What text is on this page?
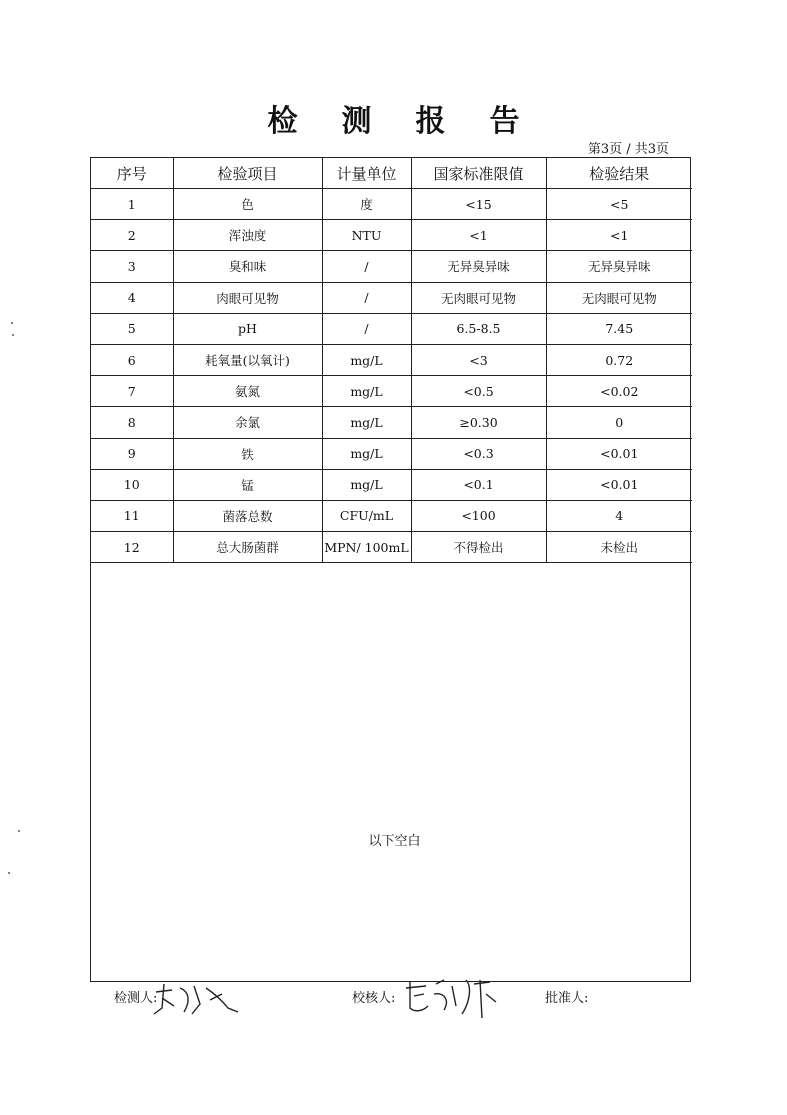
检 测 报 告
第3页 / 共3页
序号	检验项目	计量单位	国家标准限值	检验结果
1	色	度	<15	<5
2	浑浊度	NTU	<1	<1
3	臭和味	/	无异臭异味	无异臭异味
4	肉眼可见物	/	无肉眼可见物	无肉眼可见物
5	pH	/	6.5-8.5	7.45
6	耗氧量(以氧计)	mg/L	<3	0.72
7	氨氮	mg/L	<0.5	<0.02
8	余氯	mg/L	≥0.30	0
9	铁	mg/L	<0.3	<0.01
10	锰	mg/L	<0.1	<0.01
11	菌落总数	CFU/mL	<100	4
12	总大肠菌群	MPN/ 100mL	不得检出	未检出
以下空白
检测人:	校核人:	批准人:
